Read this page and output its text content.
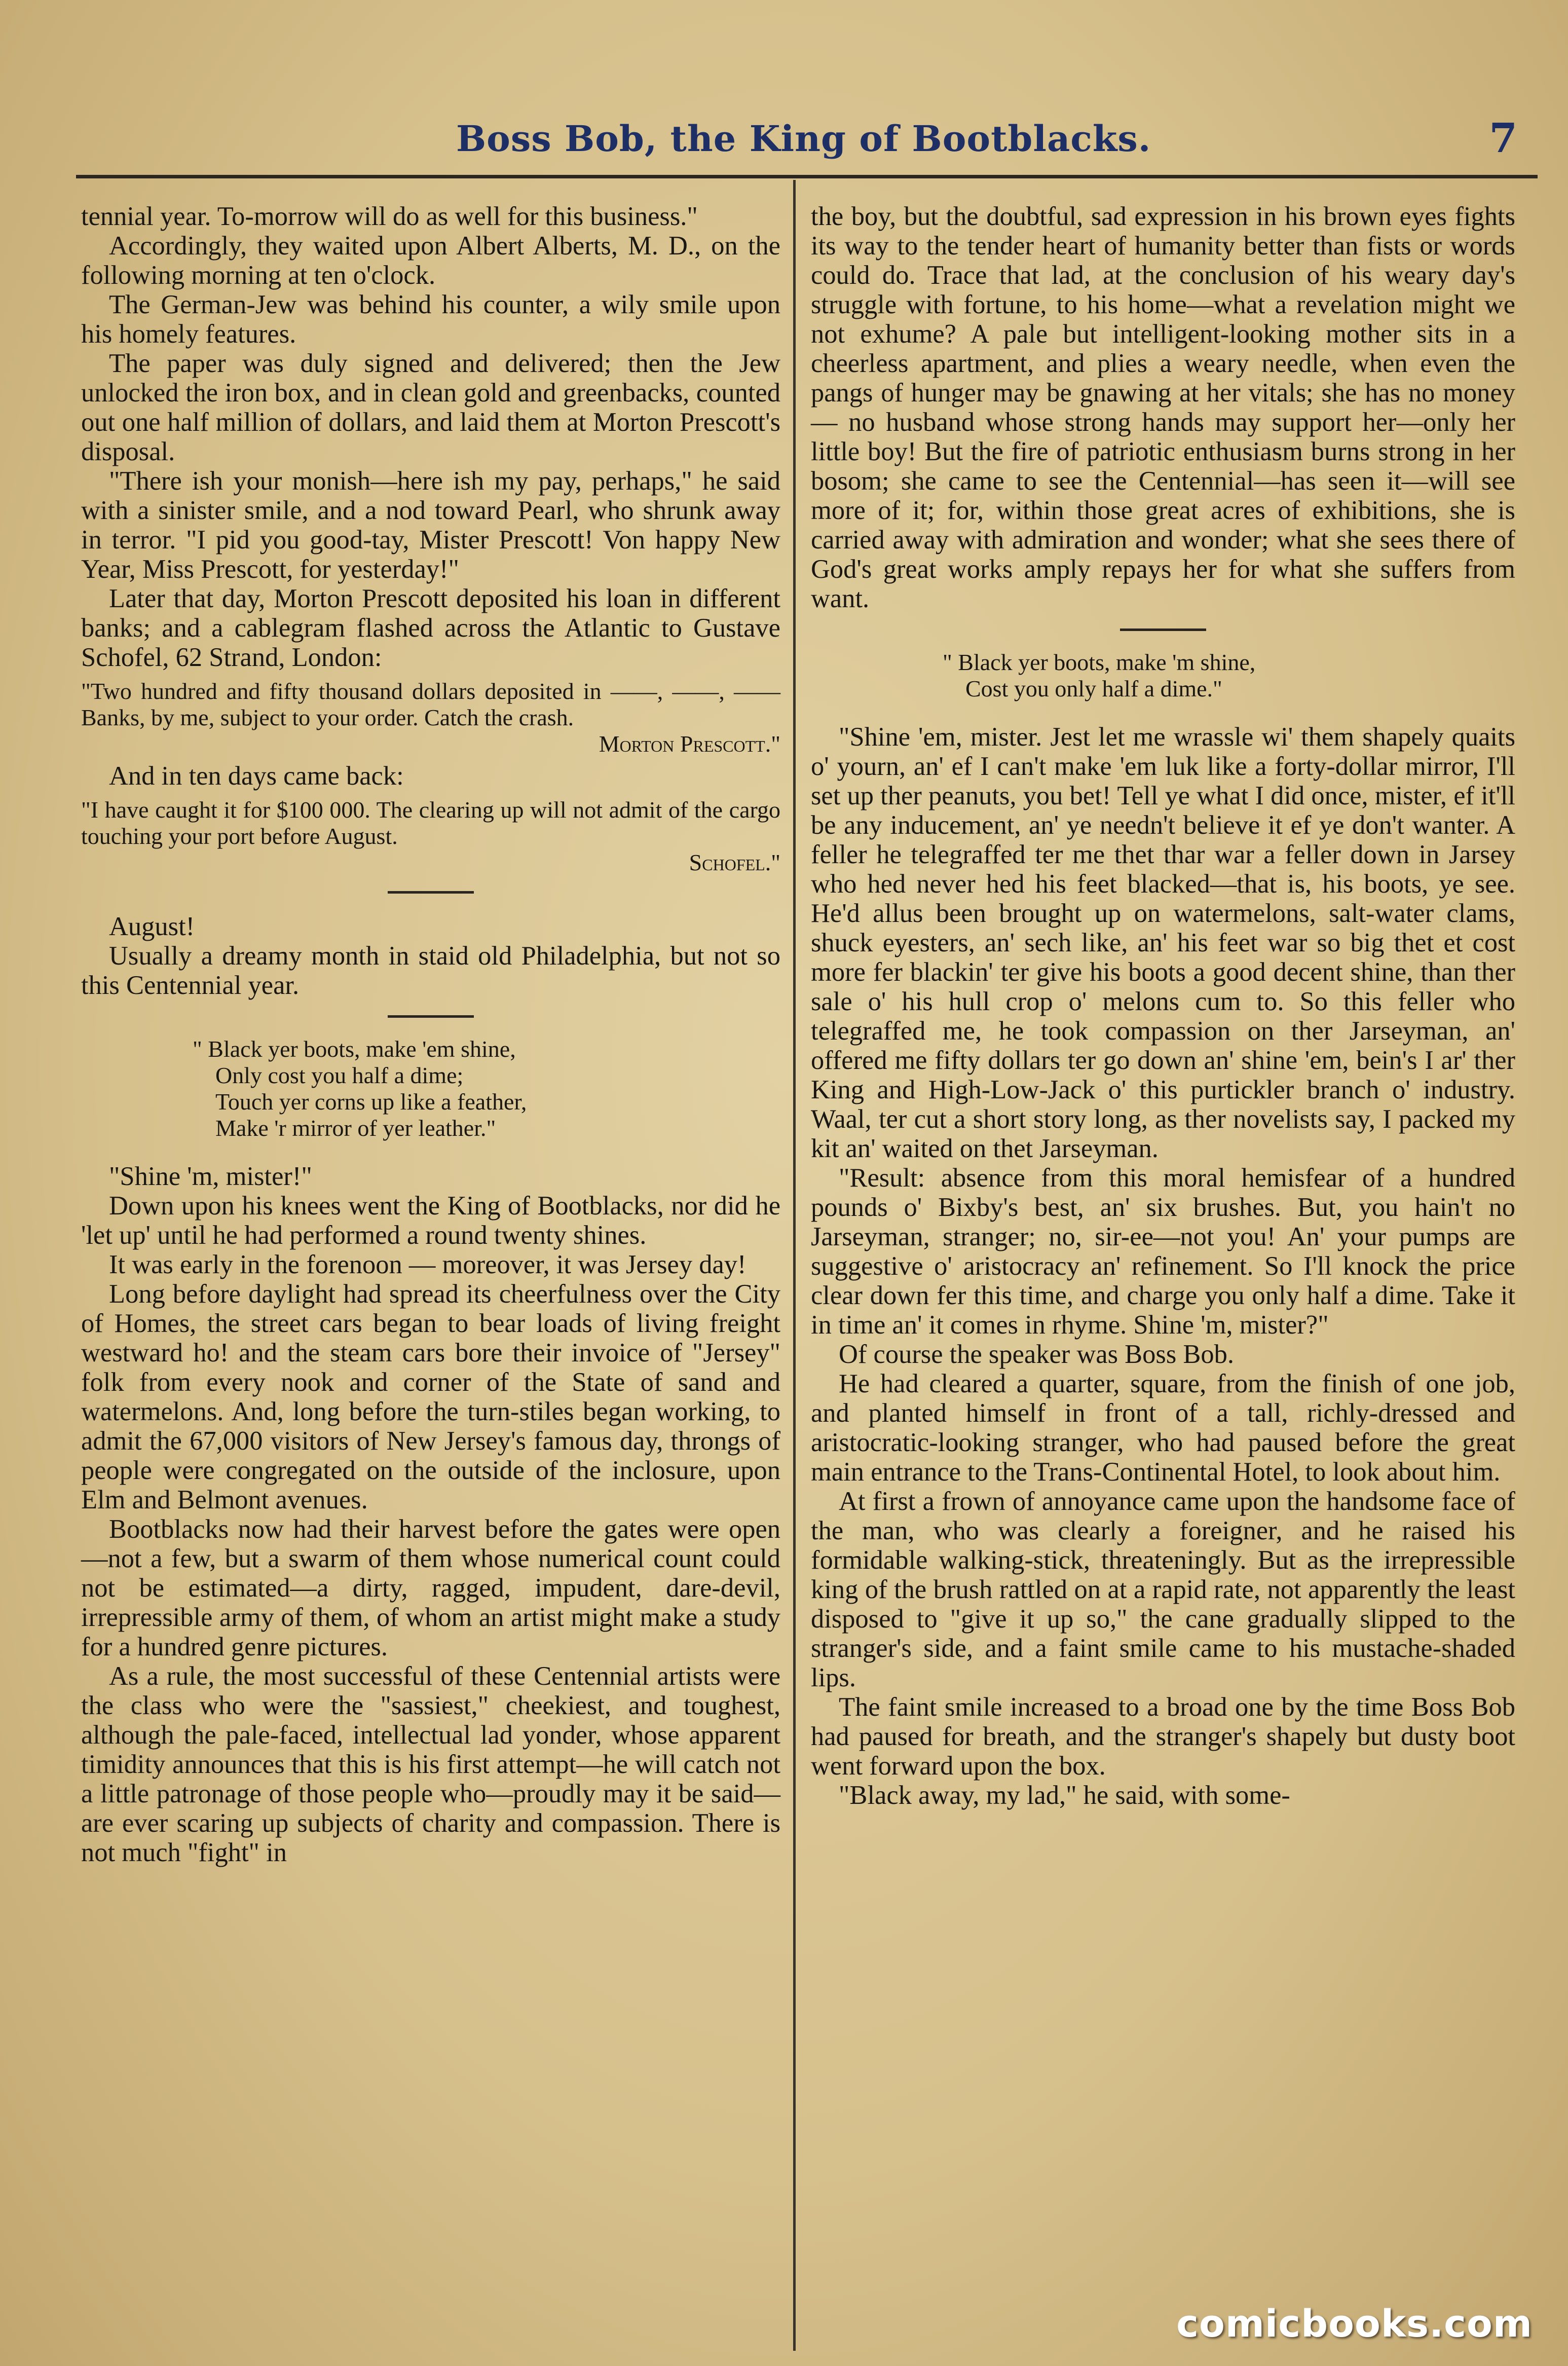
Boss Bob, the King of Bootblacks.	7

tennial year. To-morrow will do as well for this business."

Accordingly, they waited upon Albert Alberts, M. D., on the following morning at ten o'clock.

The German-Jew was behind his counter, a wily smile upon his homely features.

The paper was duly signed and delivered; then the Jew unlocked the iron box, and in clean gold and greenbacks, counted out one half million of dollars, and laid them at Morton Prescott's disposal.

"There ish your monish—here ish my pay, perhaps," he said with a sinister smile, and a nod toward Pearl, who shrunk away in terror. "I pid you good-tay, Mister Prescott! Von happy New Year, Miss Prescott, for yesterday!"

Later that day, Morton Prescott deposited his loan in different banks; and a cablegram flashed across the Atlantic to Gustave Schofel, 62 Strand, London:

"Two hundred and fifty thousand dollars deposited in ——, ——, —— Banks, by me, subject to your order. Catch the crash.
Morton Prescott."

And in ten days came back:

"I have caught it for $100 000. The clearing up will not admit of the cargo touching your port before August.
Schofel."

August!

Usually a dreamy month in staid old Philadelphia, but not so this Centennial year.

" Black yer boots, make 'em shine,
Only cost you half a dime;
Touch yer corns up like a feather,
Make 'r mirror of yer leather."

"Shine 'm, mister!"

Down upon his knees went the King of Bootblacks, nor did he 'let up' until he had performed a round twenty shines.

It was early in the forenoon — moreover, it was Jersey day!

Long before daylight had spread its cheerfulness over the City of Homes, the street cars began to bear loads of living freight westward ho! and the steam cars bore their invoice of "Jersey" folk from every nook and corner of the State of sand and watermelons. And, long before the turn-stiles began working, to admit the 67,000 visitors of New Jersey's famous day, throngs of people were congregated on the outside of the inclosure, upon Elm and Belmont avenues.

Bootblacks now had their harvest before the gates were open—not a few, but a swarm of them whose numerical count could not be estimated—a dirty, ragged, impudent, dare-devil, irrepressible army of them, of whom an artist might make a study for a hundred genre pictures.

As a rule, the most successful of these Centennial artists were the class who were the "sassiest," cheekiest, and toughest, although the pale-faced, intellectual lad yonder, whose apparent timidity announces that this is his first attempt—he will catch not a little patronage of those people who—proudly may it be said—are ever scaring up subjects of charity and compassion. There is not much "fight" in

the boy, but the doubtful, sad expression in his brown eyes fights its way to the tender heart of humanity better than fists or words could do. Trace that lad, at the conclusion of his weary day's struggle with fortune, to his home—what a revelation might we not exhume? A pale but intelligent-looking mother sits in a cheerless apartment, and plies a weary needle, when even the pangs of hunger may be gnawing at her vitals; she has no money — no husband whose strong hands may support her—only her little boy! But the fire of patriotic enthusiasm burns strong in her bosom; she came to see the Centennial—has seen it—will see more of it; for, within those great acres of exhibitions, she is carried away with admiration and wonder; what she sees there of God's great works amply repays her for what she suffers from want.

" Black yer boots, make 'm shine,
Cost you only half a dime."

"Shine 'em, mister. Jest let me wrassle wi' them shapely quaits o' yourn, an' ef I can't make 'em luk like a forty-dollar mirror, I'll set up ther peanuts, you bet! Tell ye what I did once, mister, ef it'll be any inducement, an' ye needn't believe it ef ye don't wanter. A feller he telegraffed ter me thet thar war a feller down in Jarsey who hed never hed his feet blacked—that is, his boots, ye see. He'd allus been brought up on watermelons, salt-water clams, shuck eyesters, an' sech like, an' his feet war so big thet et cost more fer blackin' ter give his boots a good decent shine, than ther sale o' his hull crop o' melons cum to. So this feller who telegraffed me, he took compassion on ther Jarseyman, an' offered me fifty dollars ter go down an' shine 'em, bein's I ar' ther King and High-Low-Jack o' this purtickler branch o' industry. Waal, ter cut a short story long, as ther novelists say, I packed my kit an' waited on thet Jarseyman.

"Result: absence from this moral hemisfear of a hundred pounds o' Bixby's best, an' six brushes. But, you hain't no Jarseyman, stranger; no, sir-ee—not you! An' your pumps are suggestive o' aristocracy an' refinement. So I'll knock the price clear down fer this time, and charge you only half a dime. Take it in time an' it comes in rhyme. Shine 'm, mister?"

Of course the speaker was Boss Bob.

He had cleared a quarter, square, from the finish of one job, and planted himself in front of a tall, richly-dressed and aristocratic-looking stranger, who had paused before the great main entrance to the Trans-Continental Hotel, to look about him.

At first a frown of annoyance came upon the handsome face of the man, who was clearly a foreigner, and he raised his formidable walking-stick, threateningly. But as the irrepressible king of the brush rattled on at a rapid rate, not apparently the least disposed to "give it up so," the cane gradually slipped to the stranger's side, and a faint smile came to his mustache-shaded lips.

The faint smile increased to a broad one by the time Boss Bob had paused for breath, and the stranger's shapely but dusty boot went forward upon the box.

"Black away, my lad," he said, with some-

comicbooks.com
